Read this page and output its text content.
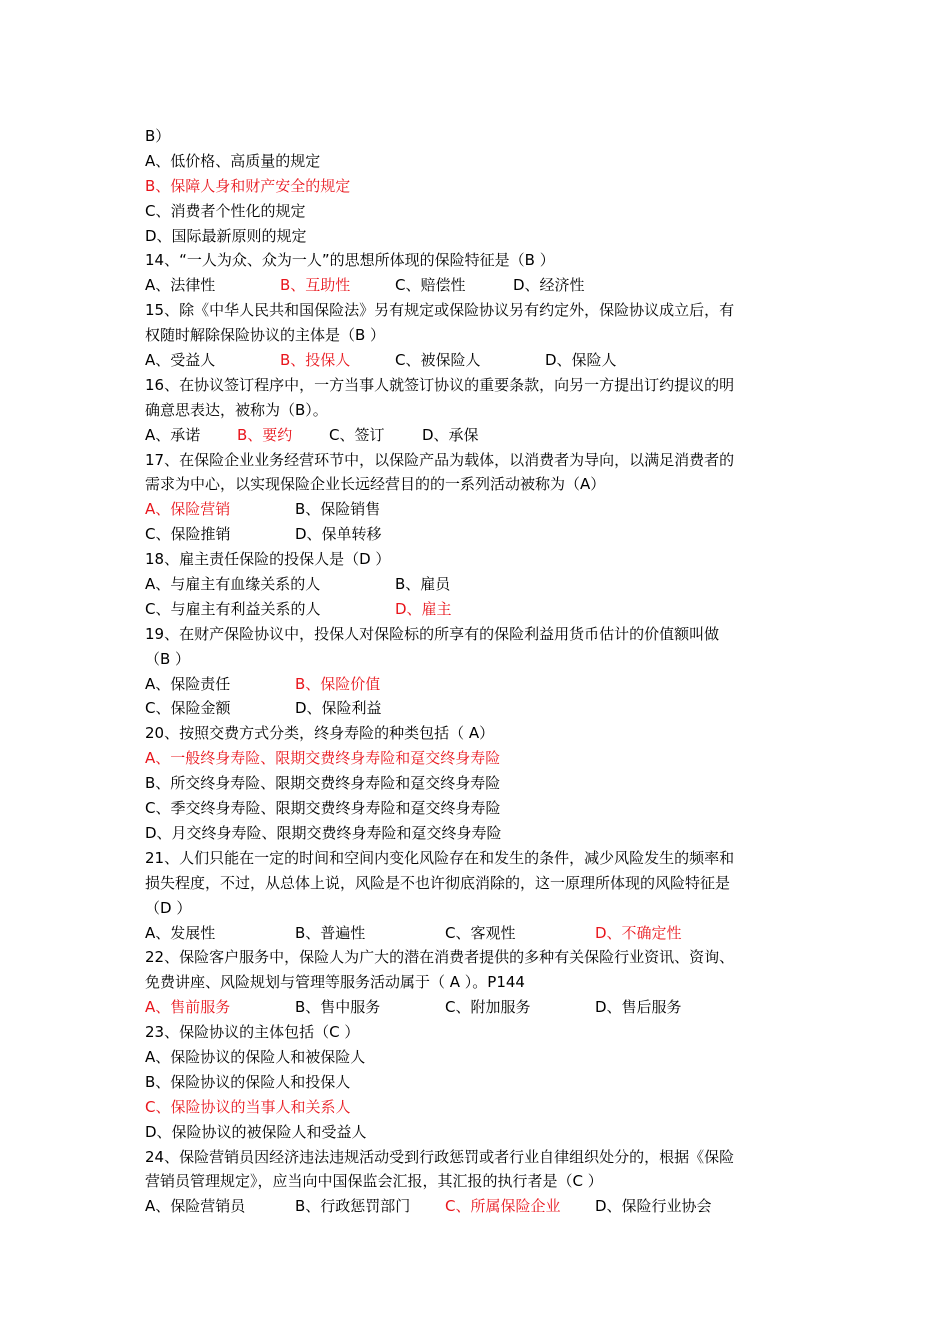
B）
A、低价格、高质量的规定
B、保障人身和财产安全的规定
C、消费者个性化的规定
D、国际最新原则的规定
14、“一人为众、众为一人”的思想所体现的保险特征是（B ）
A、法律性	B、互助性	C、赔偿性	D、经济性
15、除《中华人民共和国保险法》另有规定或保险协议另有约定外，保险协议成立后，有
权随时解除保险协议的主体是（B ）
A、受益人	B、投保人	C、被保险人	D、保险人
16、在协议签订程序中，一方当事人就签订协议的重要条款，向另一方提出订约提议的明
确意思表达，被称为（B）。
A、承诺 B、要约 C、签订	D、承保
17、在保险企业业务经营环节中，以保险产品为载体，以消费者为导向，以满足消费者的
需求为中心，以实现保险企业长远经营目的的一系列活动被称为（A）
A、保险营销	B、保险销售
C、保险推销	D、保单转移
18、雇主责任保险的投保人是（D ）
A、与雇主有血缘关系的人	B、雇员
C、与雇主有利益关系的人	D、雇主
19、在财产保险协议中，投保人对保险标的所享有的保险利益用货币估计的价值额叫做
（B ）
A、保险责任	B、保险价值
C、保险金额	D、保险利益
20、按照交费方式分类，终身寿险的种类包括（ A）
A、一般终身寿险、限期交费终身寿险和趸交终身寿险
B、所交终身寿险、限期交费终身寿险和趸交终身寿险
C、季交终身寿险、限期交费终身寿险和趸交终身寿险
D、月交终身寿险、限期交费终身寿险和趸交终身寿险
21、人们只能在一定的时间和空间内变化风险存在和发生的条件，减少风险发生的频率和
损失程度，不过，从总体上说，风险是不也许彻底消除的，这一原理所体现的风险特征是
（D ）
A、发展性	B、普遍性	C、客观性	D、不确定性
22、保险客户服务中，保险人为广大的潜在消费者提供的多种有关保险行业资讯、资询、
免费讲座、风险规划与管理等服务活动属于（ A ）。P144
A、售前服务	B、售中服务	C、附加服务	D、售后服务
23、保险协议的主体包括（C ）
A、保险协议的保险人和被保险人
B、保险协议的保险人和投保人
C、保险协议的当事人和关系人
D、保险协议的被保险人和受益人
24、保险营销员因经济违法违规活动受到行政惩罚或者行业自律组织处分的，根据《保险
营销员管理规定》，应当向中国保监会汇报，其汇报的执行者是（C ）
A、保险营销员	B、行政惩罚部门 C、所属保险企业 D、保险行业协会
